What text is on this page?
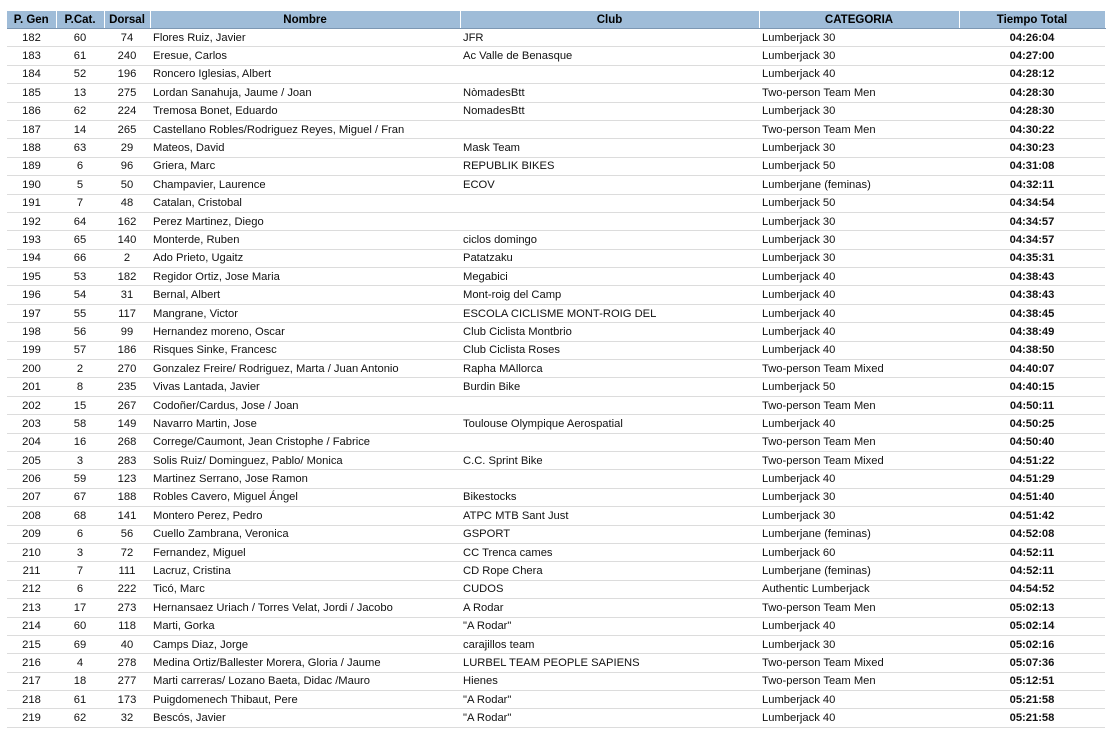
P. Gen	P.Cat.	Dorsal	Nombre	Club	CATEGORIA	Tiempo Total
182	60	74	Flores Ruiz, Javier	JFR	Lumberjack 30	04:26:04
183	61	240	Eresue, Carlos	Ac Valle de Benasque	Lumberjack 30	04:27:00
184	52	196	Roncero Iglesias, Albert		Lumberjack 40	04:28:12
185	13	275	Lordan Sanahuja, Jaume / Joan	NòmadesBtt	Two-person Team Men	04:28:30
186	62	224	Tremosa Bonet, Eduardo	NomadesBtt	Lumberjack 30	04:28:30
187	14	265	Castellano Robles/Rodriguez Reyes, Miguel / Fran		Two-person Team Men	04:30:22
188	63	29	Mateos, David	Mask Team	Lumberjack 30	04:30:23
189	6	96	Griera, Marc	REPUBLIK BIKES	Lumberjack 50	04:31:08
190	5	50	Champavier, Laurence	ECOV	Lumberjane (feminas)	04:32:11
191	7	48	Catalan, Cristobal		Lumberjack 50	04:34:54
192	64	162	Perez Martinez, Diego		Lumberjack 30	04:34:57
193	65	140	Monterde, Ruben	ciclos domingo	Lumberjack 30	04:34:57
194	66	2	Ado Prieto, Ugaitz	Patatzaku	Lumberjack 30	04:35:31
195	53	182	Regidor Ortiz, Jose Maria	Megabici	Lumberjack 40	04:38:43
196	54	31	Bernal, Albert	Mont-roig del Camp	Lumberjack 40	04:38:43
197	55	117	Mangrane, Victor	ESCOLA CICLISME MONT-ROIG DEL	Lumberjack 40	04:38:45
198	56	99	Hernandez moreno, Oscar	Club Ciclista Montbrio	Lumberjack 40	04:38:49
199	57	186	Risques Sinke, Francesc	Club Ciclista Roses	Lumberjack 40	04:38:50
200	2	270	Gonzalez Freire/ Rodriguez, Marta / Juan Antonio	Rapha MAllorca	Two-person Team Mixed	04:40:07
201	8	235	Vivas Lantada, Javier	Burdin Bike	Lumberjack 50	04:40:15
202	15	267	Codoñer/Cardus, Jose / Joan		Two-person Team Men	04:50:11
203	58	149	Navarro Martin, Jose	Toulouse Olympique Aerospatial	Lumberjack 40	04:50:25
204	16	268	Correge/Caumont, Jean Cristophe / Fabrice		Two-person Team Men	04:50:40
205	3	283	Solis Ruiz/ Dominguez, Pablo/ Monica	C.C. Sprint Bike	Two-person Team Mixed	04:51:22
206	59	123	Martinez Serrano, Jose Ramon		Lumberjack 40	04:51:29
207	67	188	Robles Cavero, Miguel Ángel	Bikestocks	Lumberjack 30	04:51:40
208	68	141	Montero Perez, Pedro	ATPC MTB Sant Just	Lumberjack 30	04:51:42
209	6	56	Cuello Zambrana, Veronica	GSPORT	Lumberjane (feminas)	04:52:08
210	3	72	Fernandez, Miguel	CC Trenca cames	Lumberjack 60	04:52:11
211	7	111	Lacruz, Cristina	CD Rope Chera	Lumberjane (feminas)	04:52:11
212	6	222	Ticó, Marc	CUDOS	Authentic Lumberjack	04:54:52
213	17	273	Hernansaez Uriach / Torres Velat, Jordi / Jacobo	A Rodar	Two-person Team Men	05:02:13
214	60	118	Marti, Gorka	"A Rodar"	Lumberjack 40	05:02:14
215	69	40	Camps Diaz, Jorge	carajillos team	Lumberjack 30	05:02:16
216	4	278	Medina Ortiz/Ballester Morera, Gloria / Jaume	LURBEL TEAM PEOPLE SAPIENS	Two-person Team Mixed	05:07:36
217	18	277	Marti carreras/ Lozano Baeta, Didac /Mauro	Hienes	Two-person Team Men	05:12:51
218	61	173	Puigdomenech Thibaut, Pere	"A Rodar"	Lumberjack 40	05:21:58
219	62	32	Bescós, Javier	"A Rodar"	Lumberjack 40	05:21:58
